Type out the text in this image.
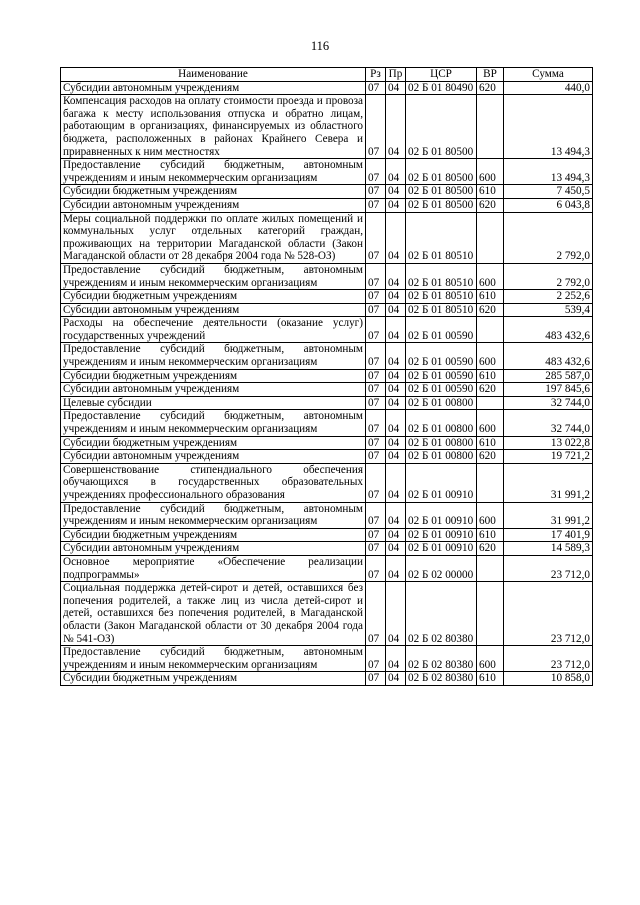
116
Наименование	Рз	Пр	ЦСР	ВР	Сумма
Субсидии автономным учреждениям	07	04	02 Б 01 80490	620	440,0
Компенсация расходов на оплату стоимости проезда и провоза багажа к месту использования отпуска и обратно лицам, работающим в организациях, финансируемых из областного бюджета, расположенных в районах Крайнего Севера и приравненных к ним местностях	07	04	02 Б 01 80500		13 494,3
Предоставление субсидий бюджетным, автономным учреждениям и иным некоммерческим организациям	07	04	02 Б 01 80500	600	13 494,3
Субсидии бюджетным учреждениям	07	04	02 Б 01 80500	610	7 450,5
Субсидии автономным учреждениям	07	04	02 Б 01 80500	620	6 043,8
Меры социальной поддержки по оплате жилых помещений и коммунальных услуг отдельных категорий граждан, проживающих на территории Магаданской области (Закон Магаданской области от 28 декабря 2004 года № 528-ОЗ)	07	04	02 Б 01 80510		2 792,0
Предоставление субсидий бюджетным, автономным учреждениям и иным некоммерческим организациям	07	04	02 Б 01 80510	600	2 792,0
Субсидии бюджетным учреждениям	07	04	02 Б 01 80510	610	2 252,6
Субсидии автономным учреждениям	07	04	02 Б 01 80510	620	539,4
Расходы на обеспечение деятельности (оказание услуг) государственных учреждений	07	04	02 Б 01 00590		483 432,6
Предоставление субсидий бюджетным, автономным учреждениям и иным некоммерческим организациям	07	04	02 Б 01 00590	600	483 432,6
Субсидии бюджетным учреждениям	07	04	02 Б 01 00590	610	285 587,0
Субсидии автономным учреждениям	07	04	02 Б 01 00590	620	197 845,6
Целевые субсидии	07	04	02 Б 01 00800		32 744,0
Предоставление субсидий бюджетным, автономным учреждениям и иным некоммерческим организациям	07	04	02 Б 01 00800	600	32 744,0
Субсидии бюджетным учреждениям	07	04	02 Б 01 00800	610	13 022,8
Субсидии автономным учреждениям	07	04	02 Б 01 00800	620	19 721,2
Совершенствование стипендиального обеспечения обучающихся в государственных образовательных учреждениях профессионального образования	07	04	02 Б 01 00910		31 991,2
Предоставление субсидий бюджетным, автономным учреждениям и иным некоммерческим организациям	07	04	02 Б 01 00910	600	31 991,2
Субсидии бюджетным учреждениям	07	04	02 Б 01 00910	610	17 401,9
Субсидии автономным учреждениям	07	04	02 Б 01 00910	620	14 589,3
Основное мероприятие «Обеспечение реализации подпрограммы»	07	04	02 Б 02 00000		23 712,0
Социальная поддержка детей-сирот и детей, оставшихся без попечения родителей, а также лиц из числа детей-сирот и детей, оставшихся без попечения родителей, в Магаданской области (Закон Магаданской области от 30 декабря 2004 года № 541-ОЗ)	07	04	02 Б 02 80380		23 712,0
Предоставление субсидий бюджетным, автономным учреждениям и иным некоммерческим организациям	07	04	02 Б 02 80380	600	23 712,0
Субсидии бюджетным учреждениям	07	04	02 Б 02 80380	610	10 858,0
